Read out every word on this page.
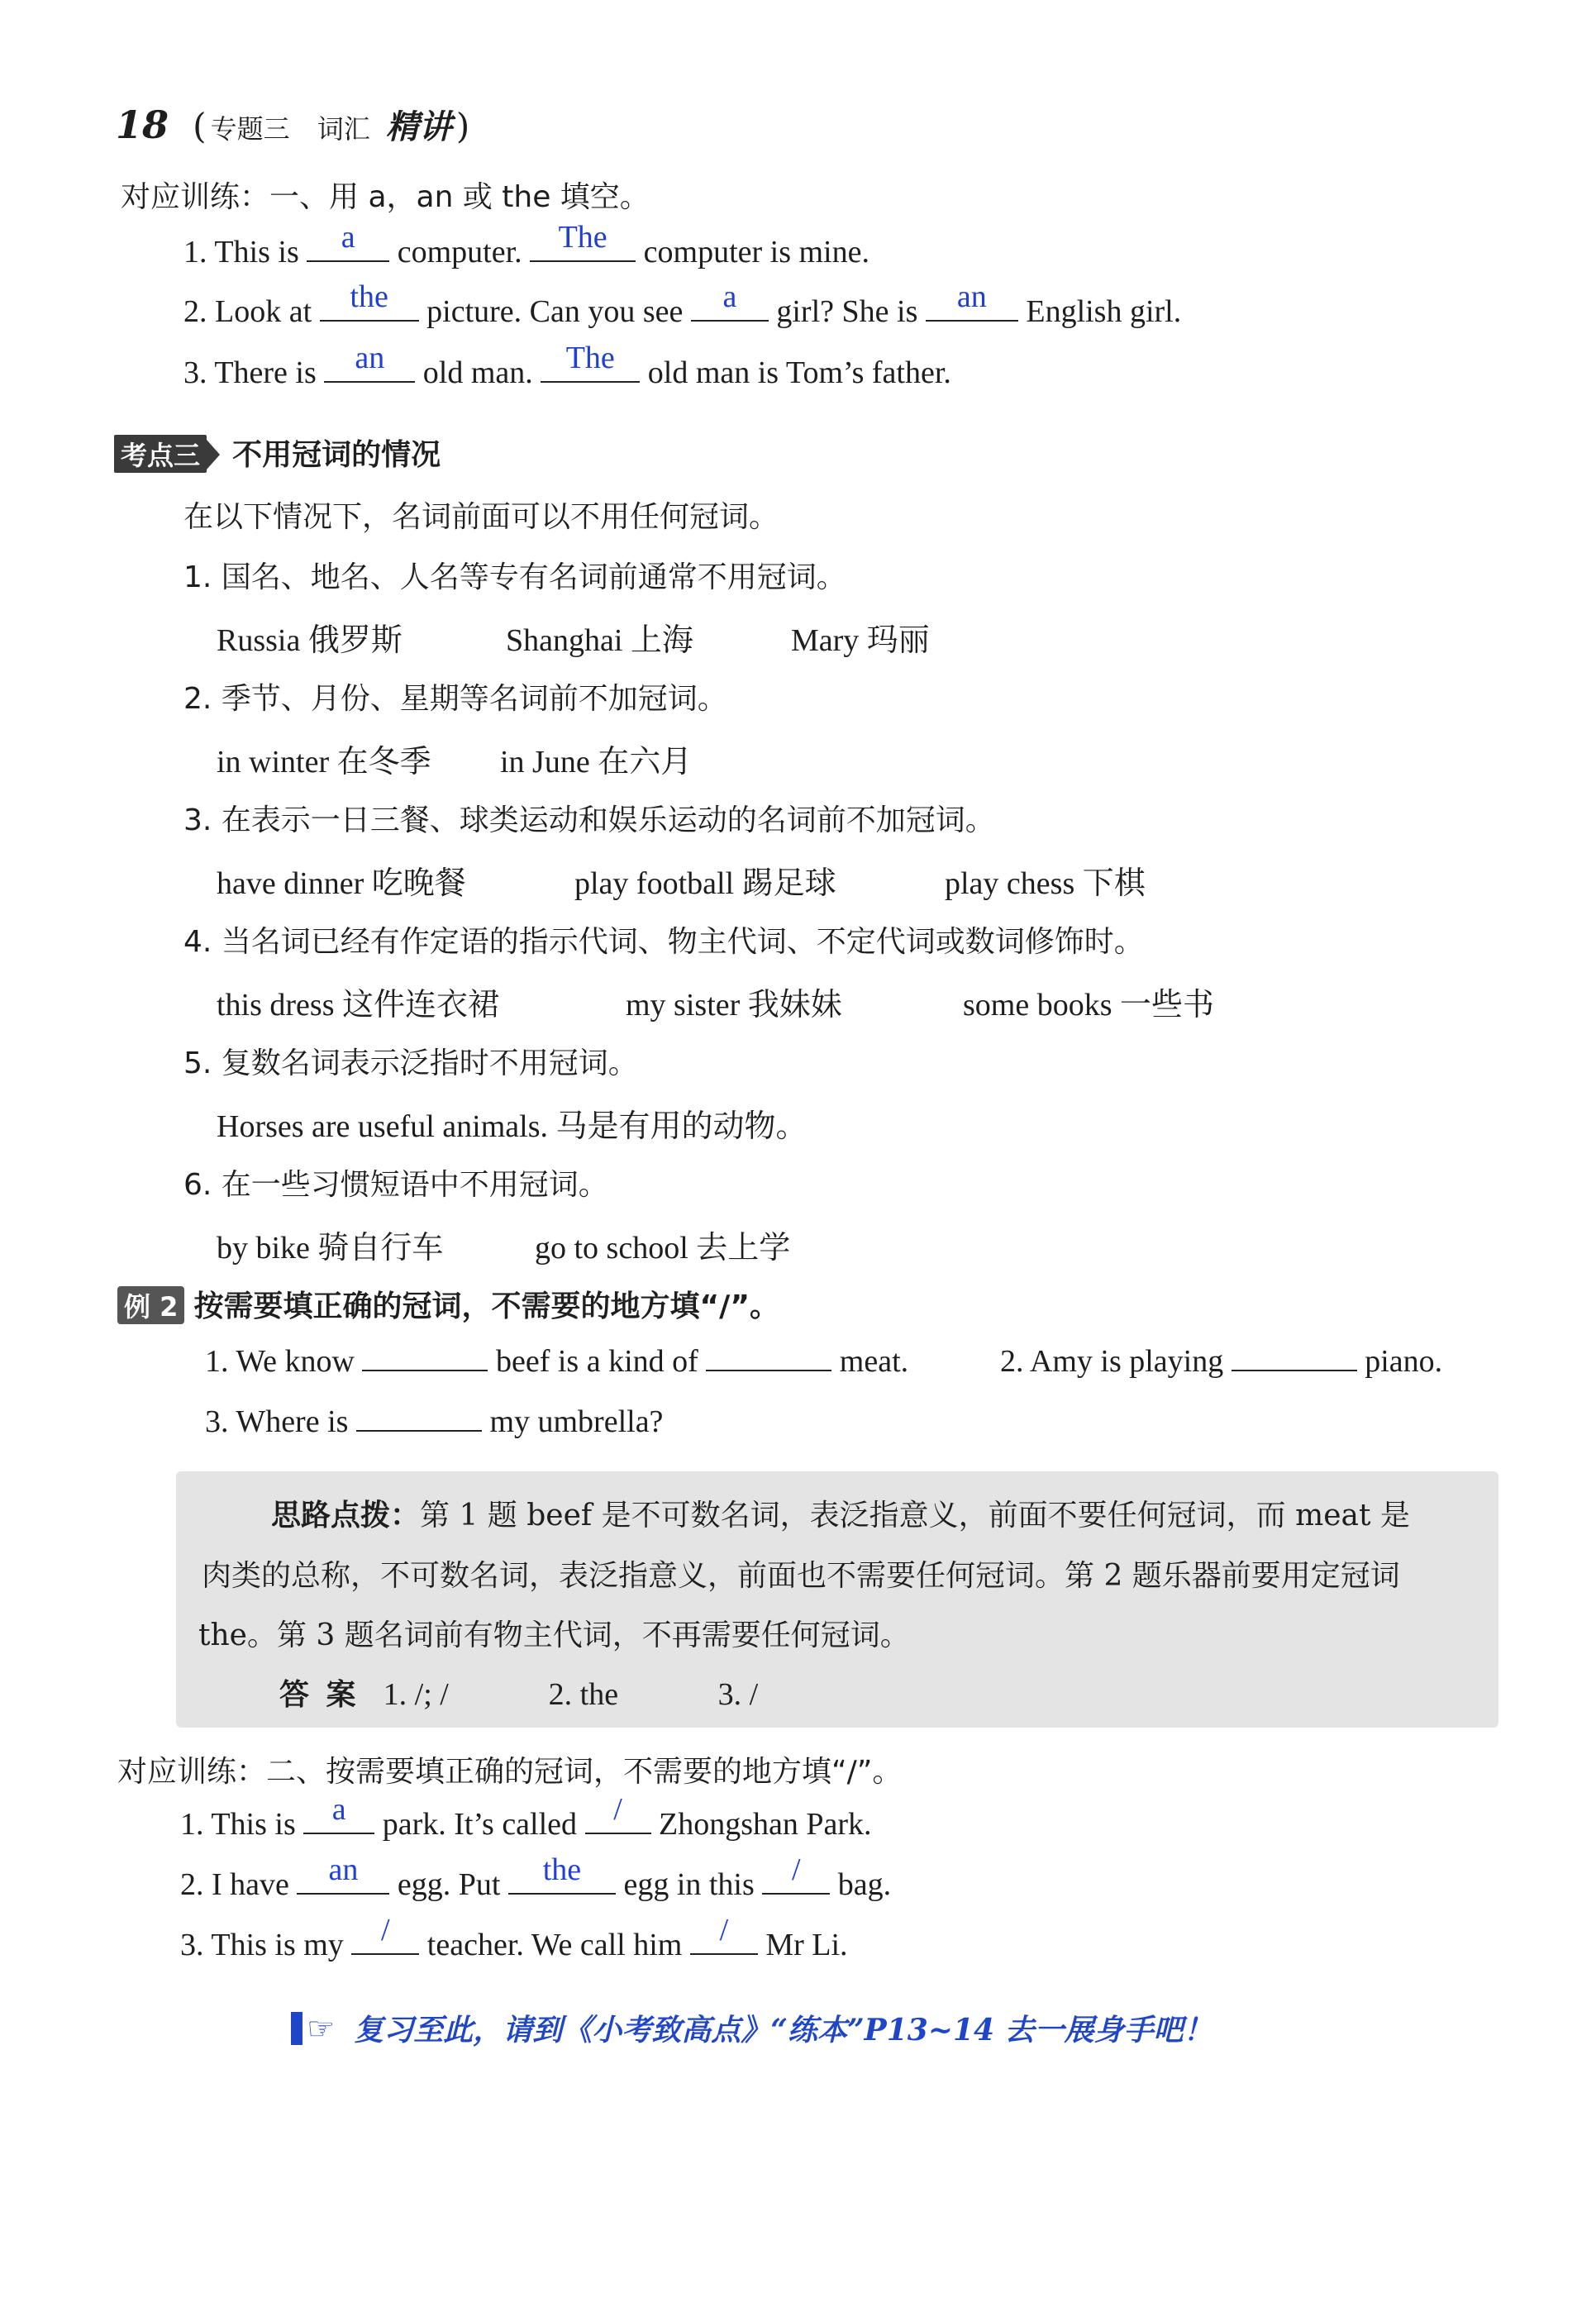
18 ( 专题三 词汇 精讲 )
对应训练：一、用 a，an 或 the 填空。
1. This is	a	computer.	The	computer is mine.
2. Look at	the	picture. Can you see	a	girl? She is	an	English girl.
3. There is	an	old man.	The	old man is Tom’s father.
考点三 不用冠词的情况
在以下情况下，名词前面可以不用任何冠词。
1. 国名、地名、人名等专有名词前通常不用冠词。
Russia 俄罗斯	Shanghai 上海	Mary 玛丽
2. 季节、月份、星期等名词前不加冠词。
in winter 在冬季 in June 在六月
3. 在表示一日三餐、球类运动和娱乐运动的名词前不加冠词。
have dinner 吃晚餐	play football 踢足球	play chess 下棋
4. 当名词已经有作定语的指示代词、物主代词、不定代词或数词修饰时。
this dress 这件连衣裙	my sister 我妹妹	some books 一些书
5. 复数名词表示泛指时不用冠词。
Horses are useful animals. 马是有用的动物。
6. 在一些习惯短语中不用冠词。
by bike 骑自行车	go to school 去上学
例 2 按需要填正确的冠词，不需要的地方填“/”。
1. We know	beef is a kind of	meat.	2. Amy is playing	piano.
3. Where is	my umbrella?
思路点拨：第 1 题 beef 是不可数名词，表泛指意义，前面不要任何冠词，而 meat 是
肉类的总称，不可数名词，表泛指意义，前面也不需要任何冠词。第 2 题乐器前要用定冠词
the。第 3 题名词前有物主代词，不再需要任何冠词。
答 案 1. /; /	2. the	3. /
对应训练：二、按需要填正确的冠词，不需要的地方填“/”。
1. This is	a	park. It’s called	/	Zhongshan Park.
2. I have	an	egg. Put	the	egg in this	/	bag.
3. This is my	/	teacher. We call him	/	Mr Li.
☞ 复习至此，请到《小考致高点》“练本”P13~14 去一展身手吧！
